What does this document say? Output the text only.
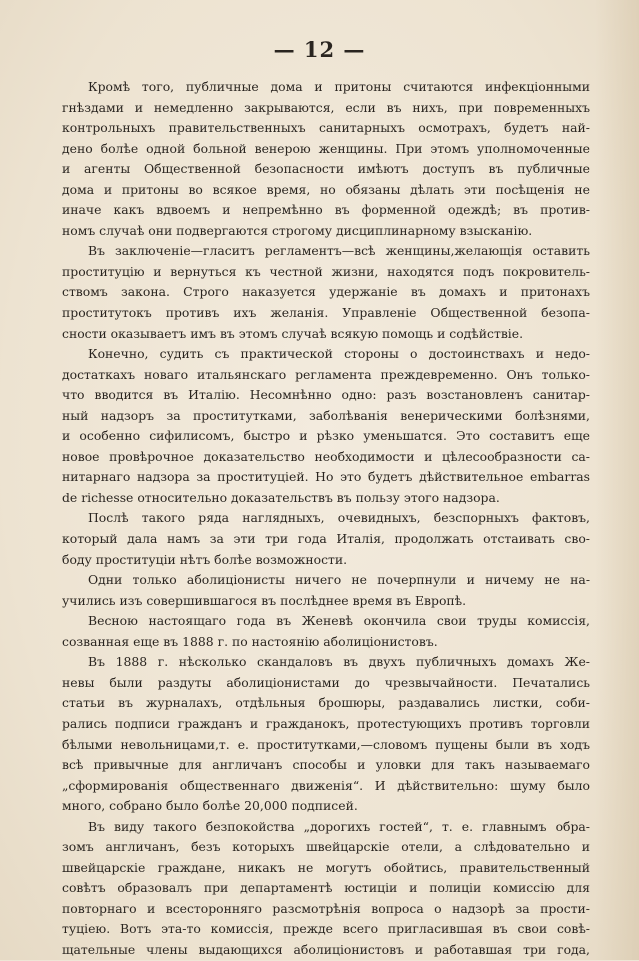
— 12 —
Кромѣ того, публичные дома и притоны считаются инфекціонными
гнѣздами и немедленно закрываются, если въ нихъ, при повременныхъ
контрольныхъ правительственныхъ санитарныхъ осмотрахъ, будетъ най-
дено болѣе одной больной венерою женщины. При этомъ уполномоченные
и агенты Общественной безопасности имѣютъ доступъ въ публичные
дома и притоны во всякое время, но обязаны дѣлать эти посѣщенія не
иначе какъ вдвоемъ и непремѣнно въ форменной одеждѣ; въ против-
номъ случаѣ они подвергаются строгому дисциплинарному взысканію.
Въ заключеніе—гласитъ регламентъ—всѣ женщины,желающія оставить
проституцію и вернуться къ честной жизни, находятся подъ покровитель-
ствомъ закона. Строго наказуется удержаніе въ домахъ и притонахъ
проститутокъ противъ ихъ желанія. Управленіе Общественной безопа-
сности оказываетъ имъ въ этомъ случаѣ всякую помощь и содѣйствіе.
Конечно, судить съ практической стороны о достоинствахъ и недо-
достаткахъ новаго итальянскаго регламента преждевременно. Онъ только-
что вводится въ Италію. Несомнѣнно одно: разъ возстановленъ санитар-
ный надзоръ за проститутками, заболѣванія венерическими болѣзнями,
и особенно сифилисомъ, быстро и рѣзко уменьшатся. Это составитъ еще
новое провѣрочное доказательство необходимости и цѣлесообразности са-
нитарнаго надзора за проституціей. Но это будетъ дѣйствительное embarras
de richesse относительно доказательствъ въ пользу этого надзора.
Послѣ такого ряда наглядныхъ, очевидныхъ, безспорныхъ фактовъ,
который дала намъ за эти три года Италія, продолжать отстаивать сво-
боду проституціи нѣтъ болѣе возможности.
Одни только аболиціонисты ничего не почерпнули и ничему не на-
учились изъ совершившагося въ послѣднее время въ Европѣ.
Весною настоящаго года въ Женевѣ окончила свои труды комиссія,
созванная еще въ 1888 г. по настоянію аболиціонистовъ.
Въ 1888 г. нѣсколько скандаловъ въ двухъ публичныхъ домахъ Же-
невы были раздуты аболиціонистами до чрезвычайности. Печатались
статьи въ журналахъ, отдѣльныя брошюры, раздавались листки, соби-
рались подписи гражданъ и гражданокъ, протестующихъ противъ торговли
бѣлыми невольницами,т. е. проститутками,—словомъ пущены были въ ходъ
всѣ привычные для англичанъ способы и уловки для такъ называемаго
„сформированія общественнаго движенія“. И дѣйствительно: шуму было
много, собрано было болѣе 20,000 подписей.
Въ виду такого безпокойства „дорогихъ гостей“, т. е. главнымъ обра-
зомъ англичанъ, безъ которыхъ швейцарскіе отели, а слѣдовательно и
швейцарскіе граждане, никакъ не могутъ обойтись, правительственный
совѣтъ образовалъ при департаментѣ юстиціи и полиціи комиссію для
повторнаго и всесторонняго разсмотрѣнія вопроса о надзорѣ за прости-
туціею. Вотъ эта-то комиссія, прежде всего пригласившая въ свои совѣ-
щательные члены выдающихся аболиціонистовъ и работавшая три года,
